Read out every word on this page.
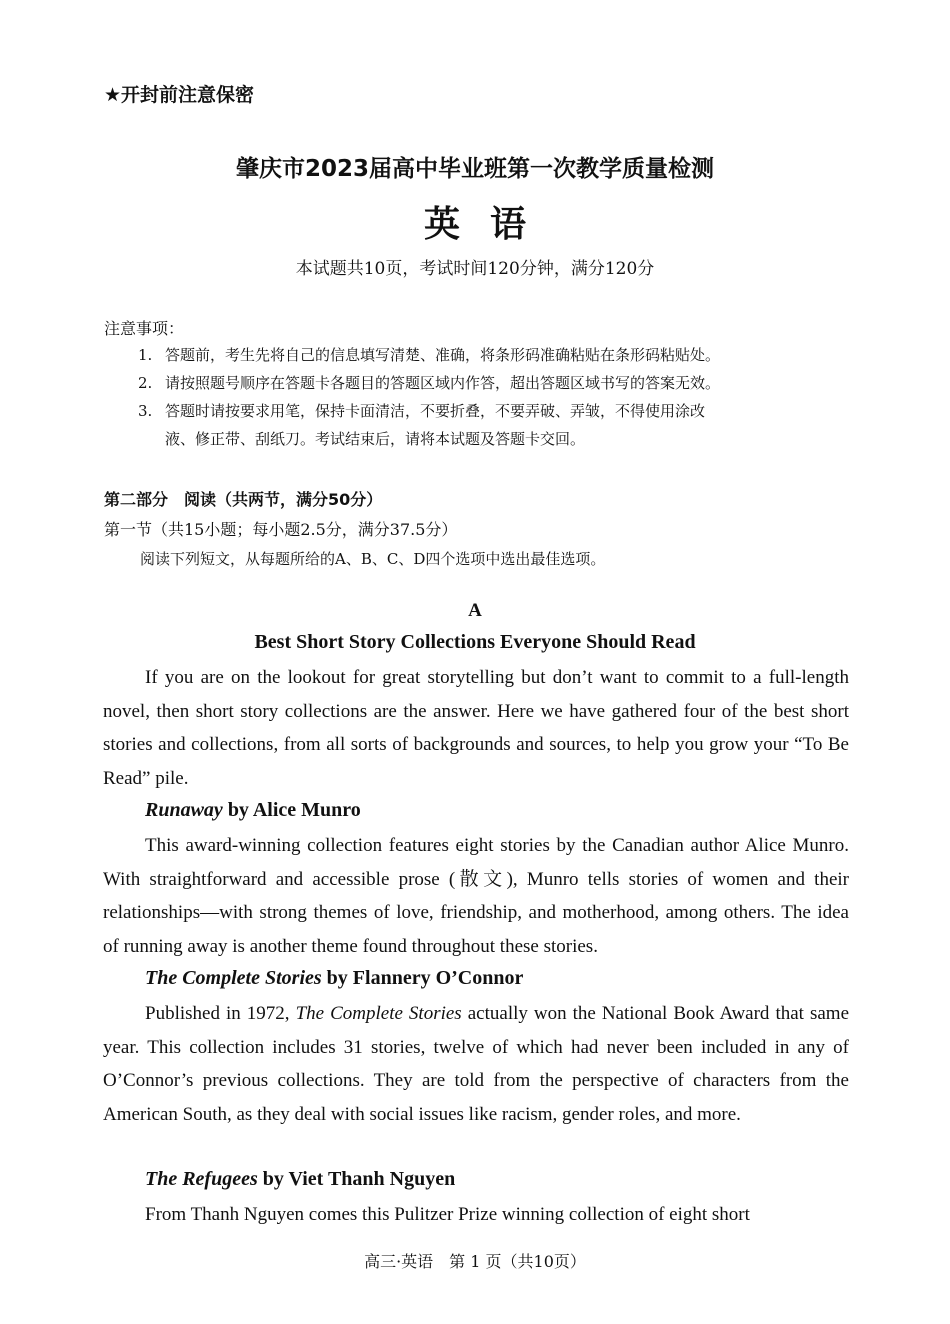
★开封前注意保密
肇庆市2023届高中毕业班第一次教学质量检测
英语
本试题共10页，考试时间120分钟，满分120分
注意事项：
1. 答题前，考生先将自己的信息填写清楚、准确，将条形码准确粘贴在条形码粘贴处。
2. 请按照题号顺序在答题卡各题目的答题区域内作答，超出答题区域书写的答案无效。
3. 答题时请按要求用笔，保持卡面清洁，不要折叠，不要弄破、弄皱，不得使用涂改
液、修正带、刮纸刀。考试结束后，请将本试题及答题卡交回。
第二部分　阅读（共两节，满分50分）
第一节（共15小题；每小题2.5分，满分37.5分）
阅读下列短文，从每题所给的A、B、C、D四个选项中选出最佳选项。
A
Best Short Story Collections Everyone Should Read
If you are on the lookout for great storytelling but don’t want to commit to a full-length novel, then short story collections are the answer. Here we have gathered four of the best short stories and collections, from all sorts of backgrounds and sources, to help you grow your “To Be Read” pile.
Runaway by Alice Munro
This award-winning collection features eight stories by the Canadian author Alice Munro. With straightforward and accessible prose (散文), Munro tells stories of women and their relationships—with strong themes of love, friendship, and motherhood, among others. The idea of running away is another theme found throughout these stories.
The Complete Stories by Flannery O’Connor
Published in 1972, The Complete Stories actually won the National Book Award that same year. This collection includes 31 stories, twelve of which had never been included in any of O’Connor’s previous collections. They are told from the perspective of characters from the American South, as they deal with social issues like racism, gender roles, and more.
The Refugees by Viet Thanh Nguyen
From Thanh Nguyen comes this Pulitzer Prize winning collection of eight short
高三·英语　第 1 页（共10页）
